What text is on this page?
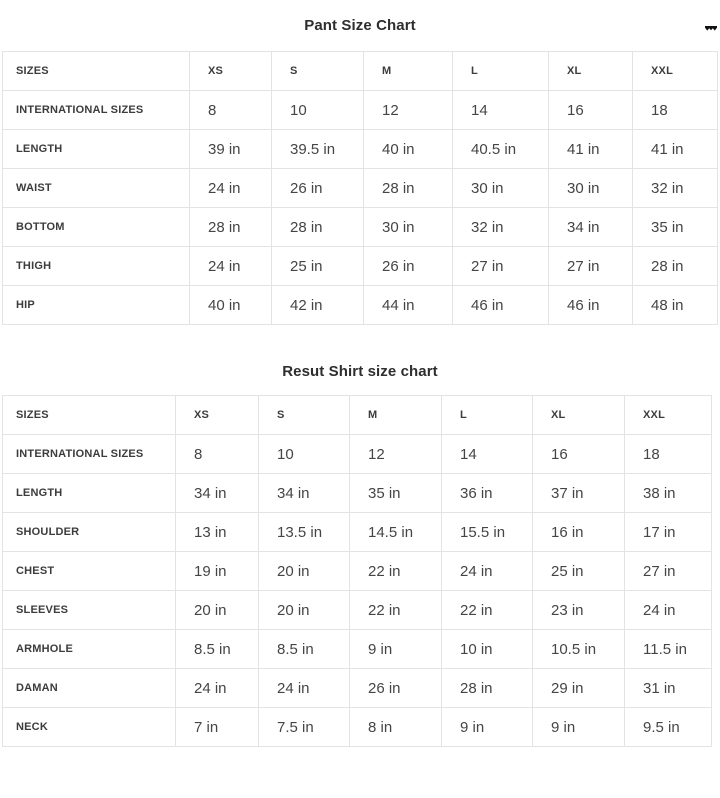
Pant Size Chart
SIZES	XS	S	M	L	XL	XXL
INTERNATIONAL SIZES	8	10	12	14	16	18
LENGTH	39 in	39.5 in	40 in	40.5 in	41 in	41 in
WAIST	24 in	26 in	28 in	30 in	30 in	32 in
BOTTOM	28 in	28 in	30 in	32 in	34 in	35 in
THIGH	24 in	25 in	26 in	27 in	27 in	28 in
HIP	40 in	42 in	44 in	46 in	46 in	48 in
Resut Shirt size chart
SIZES	XS	S	M	L	XL	XXL
INTERNATIONAL SIZES	8	10	12	14	16	18
LENGTH	34 in	34 in	35 in	36 in	37 in	38 in
SHOULDER	13 in	13.5 in	14.5 in	15.5 in	16 in	17 in
CHEST	19 in	20 in	22 in	24 in	25 in	27 in
SLEEVES	20 in	20 in	22 in	22 in	23 in	24 in
ARMHOLE	8.5 in	8.5 in	9 in	10 in	10.5 in	11.5 in
DAMAN	24 in	24 in	26 in	28 in	29 in	31 in
NECK	7 in	7.5 in	8 in	9 in	9 in	9.5 in
